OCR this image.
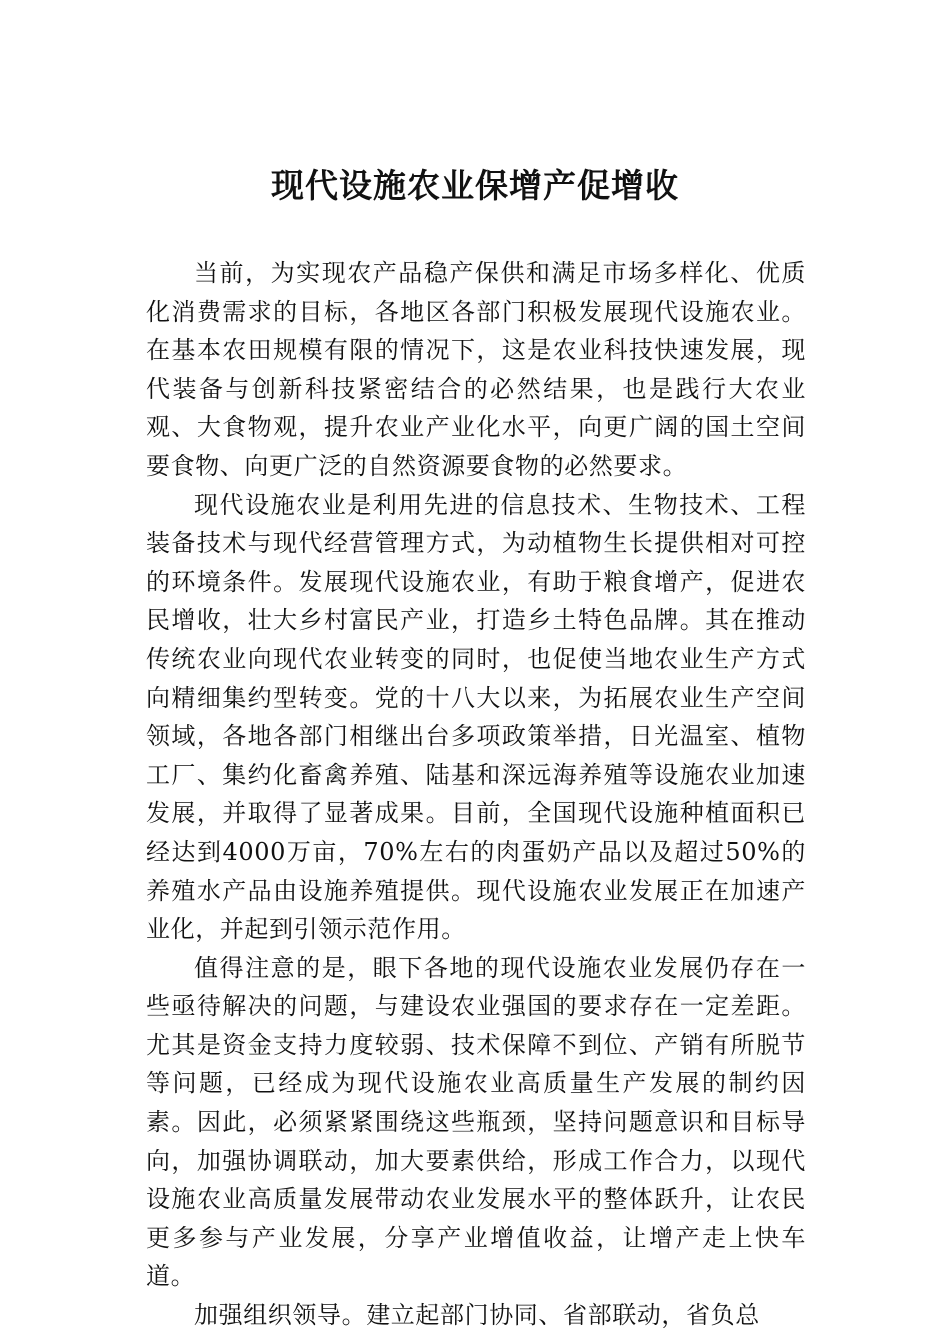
现代设施农业保增产促增收

当前，为实现农产品稳产保供和满足市场多样化、优质化消费需求的目标，各地区各部门积极发展现代设施农业。在基本农田规模有限的情况下，这是农业科技快速发展，现代装备与创新科技紧密结合的必然结果，也是践行大农业观、大食物观，提升农业产业化水平，向更广阔的国土空间要食物、向更广泛的自然资源要食物的必然要求。

现代设施农业是利用先进的信息技术、生物技术、工程装备技术与现代经营管理方式，为动植物生长提供相对可控的环境条件。发展现代设施农业，有助于粮食增产，促进农民增收，壮大乡村富民产业，打造乡土特色品牌。其在推动传统农业向现代农业转变的同时，也促使当地农业生产方式向精细集约型转变。党的十八大以来，为拓展农业生产空间领域，各地各部门相继出台多项政策举措，日光温室、植物工厂、集约化畜禽养殖、陆基和深远海养殖等设施农业加速发展，并取得了显著成果。目前，全国现代设施种植面积已经达到4000万亩，70%左右的肉蛋奶产品以及超过50%的养殖水产品由设施养殖提供。现代设施农业发展正在加速产业化，并起到引领示范作用。

值得注意的是，眼下各地的现代设施农业发展仍存在一些亟待解决的问题，与建设农业强国的要求存在一定差距。尤其是资金支持力度较弱、技术保障不到位、产销有所脱节等问题，已经成为现代设施农业高质量生产发展的制约因素。因此，必须紧紧围绕这些瓶颈，坚持问题意识和目标导向，加强协调联动，加大要素供给，形成工作合力，以现代设施农业高质量发展带动农业发展水平的整体跃升，让农民更多参与产业发展，分享产业增值收益，让增产走上快车道。

加强组织领导。建立起部门协同、省部联动，省负总
